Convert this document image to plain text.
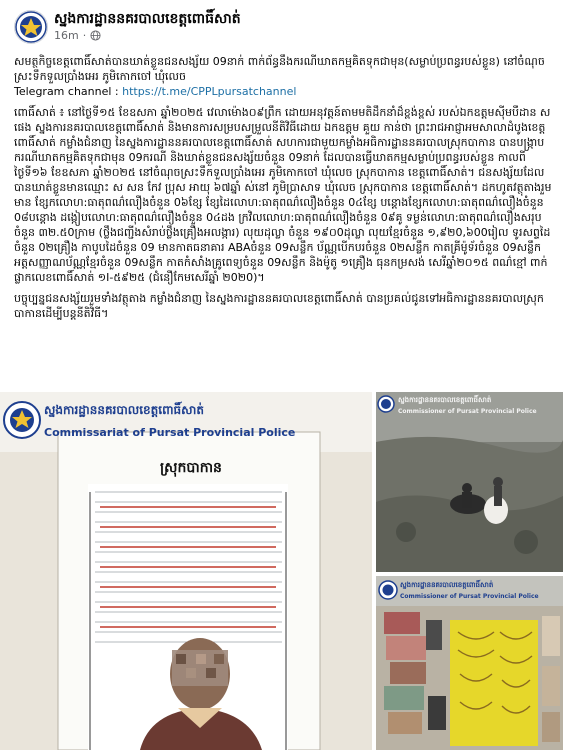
ស្នងការដ្ឋាននគរបាលខេត្តពោធិ៍សាត់
16m ·

សមត្ថកិច្ចខេត្តពោធិ៍សាត់បានឃាត់ខ្លួនជនសង្ស័យ 09នាក់ ពាក់ព័ន្ធនឹងករណីឃាតកម្មគិតទុកជាមុន(សម្លាប់ប្រពន្ធរបស់ខ្លួន) នៅចំណុចស្រះទឹកទួលប្រាំងអេរ ភូមិកោកចៅ ឃុំលេច
Telegram channel : https://t.me/CPPLpursatchannel

ពោធិ៍សាត់ ៖ នៅថ្ងៃទី១៥ ខែឧសភា ឆ្នាំ២០២៥ វេលាម៉ោង០៩ព្រឹក ដោយអនុវត្តន៍តាមមតិដឹកនាំដ៏ខ្ពង់ខ្ពស់ របស់ឯកឧត្តមស៊ីមបឺដាន ស ផេង ស្នងការនគរបាលខេត្តពោធិ៍សាត់ និងមានការសម្របសម្រួលនីតិវិធីដោយ ឯកឧត្តម គួយ កាន់ថា ព្រះរាជអាជ្ញាអមសាលាដំបូងខេត្តពោធិ៍សាត់ កម្លាំងជំនាញ នៃស្នងការដ្ឋាននគរបាលខេត្តពោធិ៍សាត់ សហការជាមួយកម្លាំងអធិការដ្ឋាននគរបាលស្រុកបាកាន បានបង្ក្រាបករណីឃាតកម្មគិតទុកជាមុន 09ករណី និងឃាត់ខ្លួនជនសង្ស័យចំនួន 09នាក់ ដែលបានធ្វើឃាតកម្មសម្លាប់ប្រពន្ធរបស់ខ្លួន កាលពីថ្ងៃទី១៦ ខែឧសភា ឆ្នាំ២០២៥ នៅចំណុចស្រះទឹកទួលប្រាំងអេរ ភូមិកោកចៅ ឃុំលេច ស្រុកបាកាន ខេត្តពោធិ៍សាត់។ ជនសង្ស័យដែលបានឃាត់ខ្លួនមានឈ្មោះ ស សន កែវ ប្រុស អាយុ ៦៧ឆ្នាំ ស់នៅ ភូមិប្រាសាទ ឃុំលេច ស្រុកបាកាន ខេត្តពោធិ៍សាត់។ ដកហូតវត្ថុតាងរួមមាន ខ្សែកលោហ:ធាតុពណ៌លឿងចំនួន 0៦ខ្សែ ខ្សែដៃលោហ:ធាតុពណ៌លឿងចំនួន 0៤ខ្សែ បន្តោងខ្សែកលោហ:ធាតុពណ៌លឿងចំនួន 0៨បន្តោង ដង្កៀបលោហ:ធាតុពណ៌លឿងចំនួន 0៤ដង ក្រវិលលោហ:ធាតុពណ៌លឿងចំនួន 0៩គូ ទម្ងន់លោហ:ធាតុពណ៌លឿងសរុបចំនួន ៣២.៥0ក្រាម (ថ្លឹងជញ្ជីងសំរាប់ថ្លឹងគ្រឿងអលង្ការ) លុយដុល្លា ចំនួន ១៩០0ដុល្លា លុយខ្មែរចំនួន ១,៩២0,៦00រៀល ទូរសព្ទដៃចំនួន 0២គ្រឿង កាបូបដៃចំនួន 09 មានកាតធនាគារ ABAចំនួន 09សន្លឹក ប័ណ្ណបើកបរចំនួន 0២សន្លឹក កាតគ្រីម៉ូទ័រចំនួន 09សន្លឹក អត្តសញ្ញាណប័ណ្ណខ្មែរចំនួន 09សន្លឹក កាតកំសាំងគ្រូពេទ្យចំនួន 09សន្លឹក និងម៉ូតូ ១គ្រឿង ធុនកម្រសង់ សេរីឆ្នាំ២០១៥ ពណ៌ខ្មៅ ពាក់ផ្លាកលេខពោធិ៍សាត់ ១I-៥៩២៥ (ជំនឿកែមសេរីឆ្នាំ ២0២0)។

បច្ចុប្បន្នជនសង្ស័យរួមទាំងវត្ថុតាង កម្លាំងជំនាញ នៃស្នងការដ្ឋាននគរបាលខេត្តពោធិ៍សាត់ បានប្រគល់ជូនទៅអធិការដ្ឋាននគរបាលស្រុកបាកានដើម្បីបន្តនីតិវិធី។

ស្នងការដ្ឋាននគរបាលខេត្តពោធិ៍សាត់
Commissariat of Pursat Provincial Police
ស្រុកបាកាន
ស្នងការដ្ឋាននគរបាលខេត្តពោធិ៍សាត់
Commissioner of Pursat Provincial Police
ស្នងការដ្ឋាននគរបាលខេត្តពោធិ៍សាត់
Commissioner of Pursat Provincial Police
